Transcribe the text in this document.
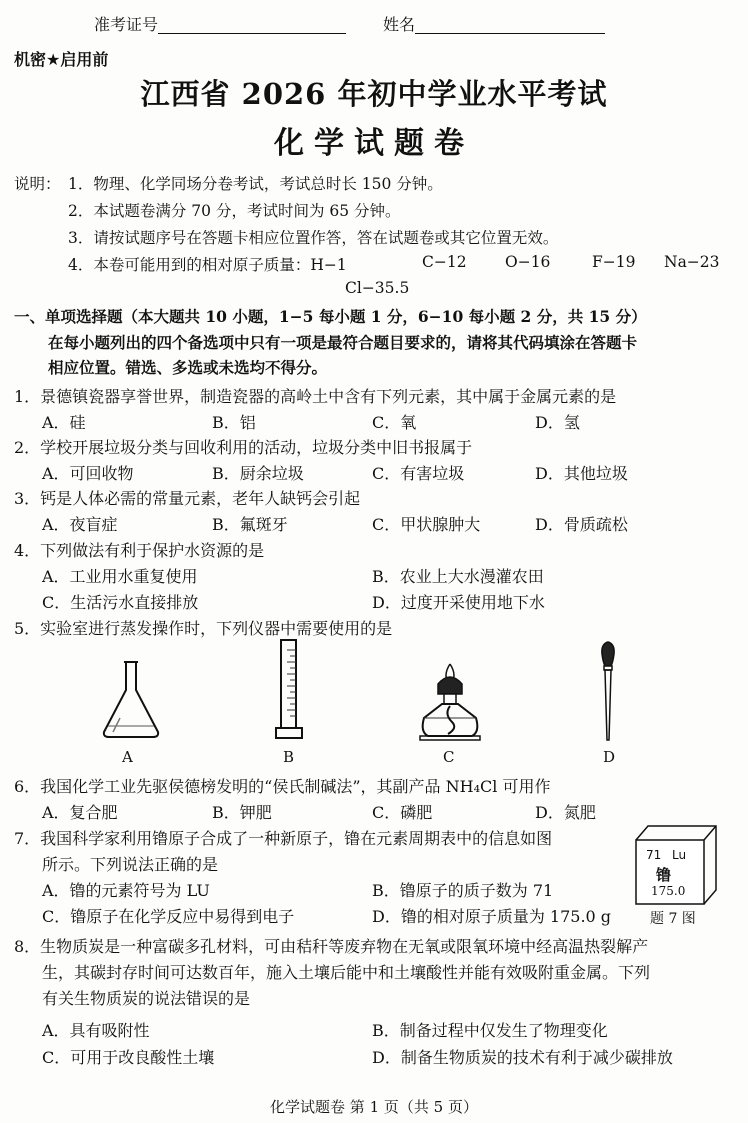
准考证号	姓名
机密★启用前
江西省 2026 年初中学业水平考试
化学试题卷
说明： 1．物理、化学同场分卷考试，考试总时长 150 分钟。
2．本试题卷满分 70 分，考试时间为 65 分钟。
3．请按试题序号在答题卡相应位置作答，答在试题卷或其它位置无效。
4．本卷可能用到的相对原子质量：H−1	C−12 O−16	F−19 Na−23
Cl−35.5
一、单项选择题（本大题共 10 小题，1−5 每小题 1 分，6−10 每小题 2 分，共 15 分）
在每小题列出的四个备选项中只有一项是最符合题目要求的，请将其代码填涂在答题卡
相应位置。错选、多选或未选均不得分。
1．景德镇瓷器享誉世界，制造瓷器的高岭土中含有下列元素，其中属于金属元素的是
A．硅	B．铝	C．氧	D．氢
2．学校开展垃圾分类与回收利用的活动，垃圾分类中旧书报属于
A．可回收物	B．厨余垃圾	C．有害垃圾	D．其他垃圾
3．钙是人体必需的常量元素，老年人缺钙会引起
A．夜盲症	B．氟斑牙	C．甲状腺肿大	D．骨质疏松
4．下列做法有利于保护水资源的是
A．工业用水重复使用	B．农业上大水漫灌农田
C．生活污水直接排放	D．过度开采使用地下水
5．实验室进行蒸发操作时，下列仪器中需要使用的是
A	B	C	D
6．我国化学工业先驱侯德榜发明的“侯氏制碱法”，其副产品 NH₄Cl 可用作
A．复合肥	B．钾肥	C．磷肥	D．氮肥
7．我国科学家利用镥原子合成了一种新原子，镥在元素周期表中的信息如图
所示。下列说法正确的是
A．镥的元素符号为 LU	B．镥原子的质子数为 71
C．镥原子在化学反应中易得到电子	D．镥的相对原子质量为 175.0 g
71 Lu
镥
175.0
题 7 图
8．生物质炭是一种富碳多孔材料，可由秸秆等废弃物在无氧或限氧环境中经高温热裂解产
生，其碳封存时间可达数百年，施入土壤后能中和土壤酸性并能有效吸附重金属。下列
有关生物质炭的说法错误的是
A．具有吸附性	B．制备过程中仅发生了物理变化
C．可用于改良酸性土壤	D．制备生物质炭的技术有利于减少碳排放
化学试题卷 第 1 页（共 5 页）
